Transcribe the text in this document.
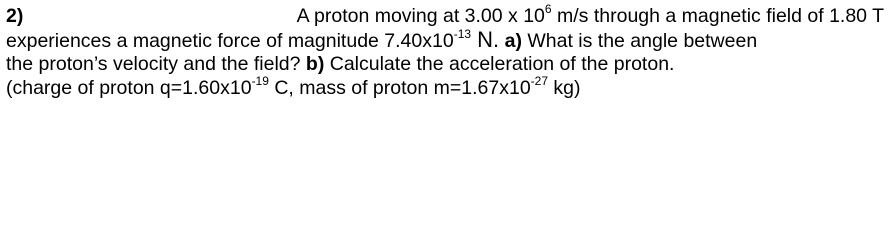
2)	A proton moving at 3.00 x $10^6$ m/s through a magnetic field of 1.80 T
experiences a magnetic force of magnitude $7.40x10^{-13}$ N. a) What is the angle between
the proton’s velocity and the field? b) Calculate the acceleration of the proton.
(charge of proton $q=1.60x10^{-19}$ C, mass of proton $m=1.67x10^{-27}$ kg)
